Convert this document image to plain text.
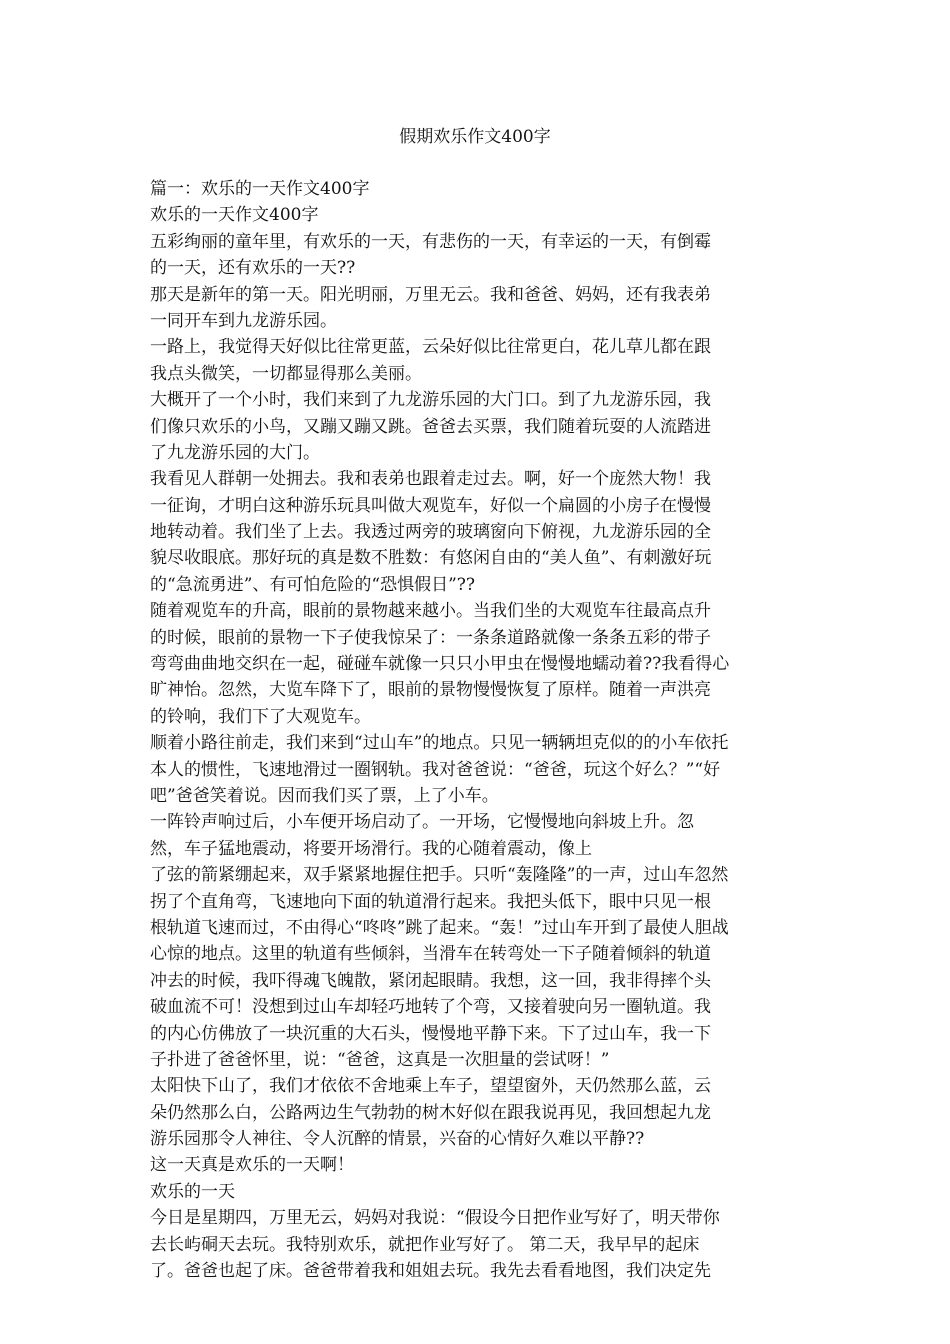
假期欢乐作文400字
篇一：欢乐的一天作文400字
欢乐的一天作文400字
五彩绚丽的童年里，有欢乐的一天，有悲伤的一天，有幸运的一天，有倒霉
的一天，还有欢乐的一天??
那天是新年的第一天。阳光明丽，万里无云。我和爸爸、妈妈，还有我表弟
一同开车到九龙游乐园。
一路上，我觉得天好似比往常更蓝，云朵好似比往常更白，花儿草儿都在跟
我点头微笑，一切都显得那么美丽。
大概开了一个小时，我们来到了九龙游乐园的大门口。到了九龙游乐园，我
们像只欢乐的小鸟，又蹦又蹦又跳。爸爸去买票，我们随着玩耍的人流踏进
了九龙游乐园的大门。
我看见人群朝一处拥去。我和表弟也跟着走过去。啊，好一个庞然大物！我
一征询，才明白这种游乐玩具叫做大观览车，好似一个扁圆的小房子在慢慢
地转动着。我们坐了上去。我透过两旁的玻璃窗向下俯视，九龙游乐园的全
貌尽收眼底。那好玩的真是数不胜数：有悠闲自由的“美人鱼”、有刺激好玩
的“急流勇进”、有可怕危险的“恐惧假日”??
随着观览车的升高，眼前的景物越来越小。当我们坐的大观览车往最高点升
的时候，眼前的景物一下子使我惊呆了：一条条道路就像一条条五彩的带子
弯弯曲曲地交织在一起，碰碰车就像一只只小甲虫在慢慢地蠕动着??我看得心
旷神怡。忽然，大览车降下了，眼前的景物慢慢恢复了原样。随着一声洪亮
的铃响，我们下了大观览车。
顺着小路往前走，我们来到“过山车”的地点。只见一辆辆坦克似的的小车依托
本人的惯性，飞速地滑过一圈钢轨。我对爸爸说：“爸爸，玩这个好么？”“好
吧”爸爸笑着说。因而我们买了票，上了小车。
一阵铃声响过后，小车便开场启动了。一开场，它慢慢地向斜坡上升。忽
然，车子猛地震动，将要开场滑行。我的心随着震动，像上
了弦的箭紧绷起来，双手紧紧地握住把手。只听“轰隆隆”的一声，过山车忽然
拐了个直角弯，飞速地向下面的轨道滑行起来。我把头低下，眼中只见一根
根轨道飞速而过，不由得心“咚咚”跳了起来。“轰！”过山车开到了最使人胆战
心惊的地点。这里的轨道有些倾斜，当滑车在转弯处一下子随着倾斜的轨道
冲去的时候，我吓得魂飞魄散，紧闭起眼睛。我想，这一回，我非得摔个头
破血流不可！没想到过山车却轻巧地转了个弯，又接着驶向另一圈轨道。我
的内心仿佛放了一块沉重的大石头，慢慢地平静下来。下了过山车，我一下
子扑进了爸爸怀里，说：“爸爸，这真是一次胆量的尝试呀！”
太阳快下山了，我们才依依不舍地乘上车子，望望窗外，天仍然那么蓝，云
朵仍然那么白，公路两边生气勃勃的树木好似在跟我说再见，我回想起九龙
游乐园那令人神往、令人沉醉的情景，兴奋的心情好久难以平静??
这一天真是欢乐的一天啊！
欢乐的一天
今日是星期四，万里无云，妈妈对我说：“假设今日把作业写好了，明天带你
去长屿硐天去玩。我特别欢乐，就把作业写好了。 第二天，我早早的起床
了。爸爸也起了床。爸爸带着我和姐姐去玩。我先去看看地图，我们决定先
